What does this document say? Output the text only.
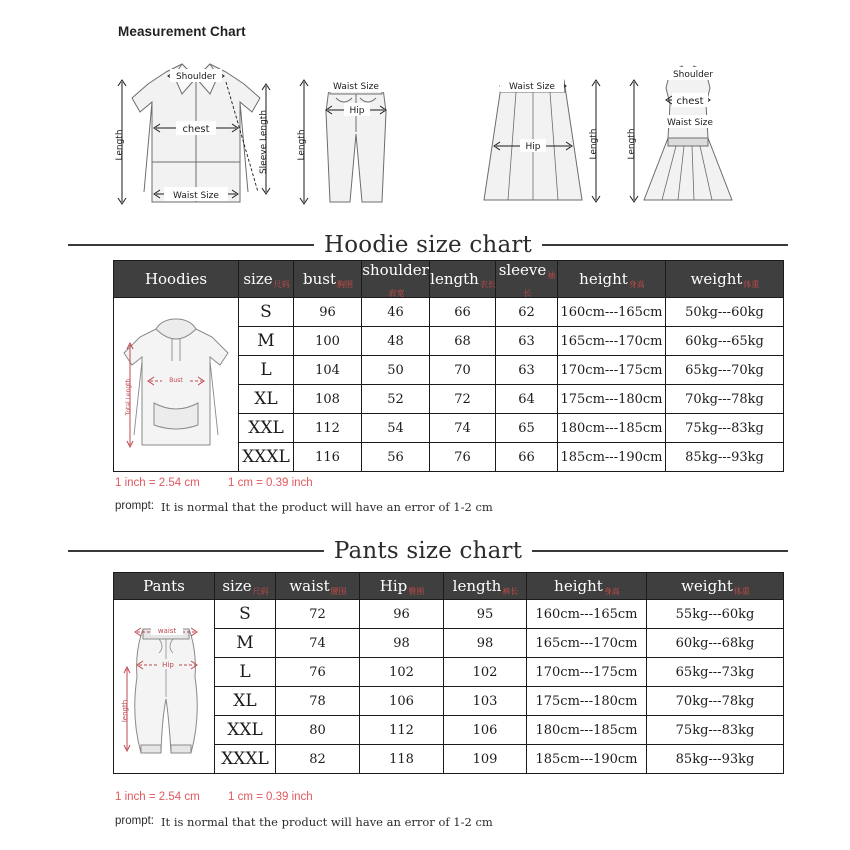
Measurement Chart
Shoulder
chest
Waist Size
Length	Sleeve Length
Waist Size
Hip
Length
Waist Size
Hip	Length
Shoulder
chest
Waist Size
Length
Hoodie size chart
Hoodies	size$_{尺码}$	bust$_{胸围}$	shoulder$_{肩宽}$	length$_{衣长}$	sleeve$_{袖长}$	height$_{身高}$	weight$_{体重}$

Total Length Bust	S	96	46	66	62	160cm---165cm	50kg---60kg
	M	100	48	68	63	165cm---170cm	60kg---65kg
	L	104	50	70	63	170cm---175cm	65kg---70kg
	XL	108	52	72	64	175cm---180cm	70kg---78kg
	XXL	112	54	74	65	180cm---185cm	75kg---83kg
	XXXL	116	56	76	66	185cm---190cm	85kg---93kg
1 inch = 2.54 cm 1 cm = 0.39 inch
prompt: It is normal that the product will have an error of 1-2 cm
Pants size chart
Pants	size$_{尺码}$	waist$_{腰围}$	Hip$_{臀围}$	length$_{裤长}$	height$_{身高}$	weight$_{体重}$

waist
Hip
length	S	72	96	95	160cm---165cm	55kg---60kg
	M	74	98	98	165cm---170cm	60kg---68kg
	L	76	102	102	170cm---175cm	65kg---73kg
	XL	78	106	103	175cm---180cm	70kg---78kg
	XXL	80	112	106	180cm---185cm	75kg---83kg
	XXXL	82	118	109	185cm---190cm	85kg---93kg
1 inch = 2.54 cm 1 cm = 0.39 inch
prompt: It is normal that the product will have an error of 1-2 cm
